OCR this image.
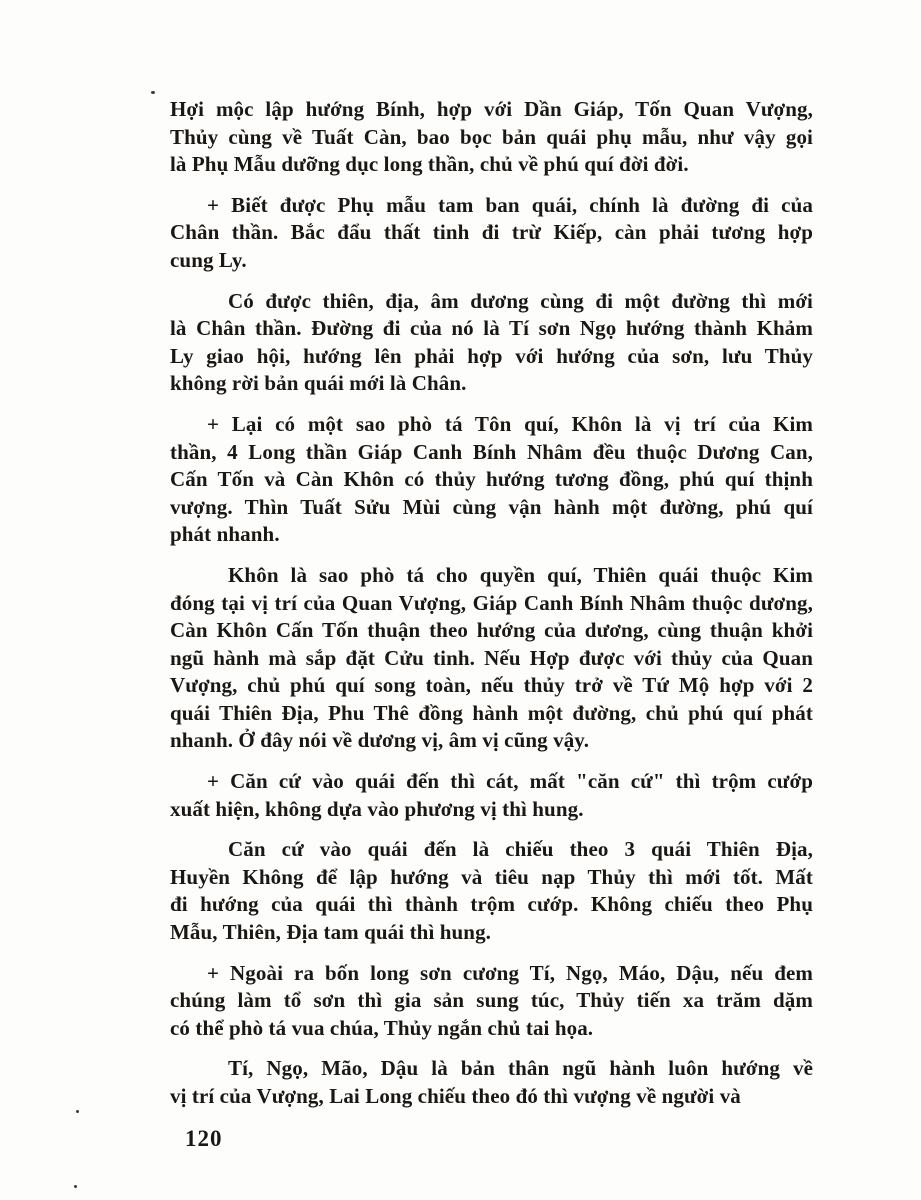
Hợi mộc lập hướng Bính, hợp với Dần Giáp, Tốn Quan Vượng,
Thủy cùng về Tuất Càn, bao bọc bản quái phụ mẫu, như vậy gọi
là Phụ Mẫu dưỡng dục long thần, chủ về phú quí đời đời.

+ Biết được Phụ mẫu tam ban quái, chính là đường đi của
Chân thần. Bắc đẩu thất tinh đi trừ Kiếp, càn phải tương hợp
cung Ly.

Có được thiên, địa, âm dương cùng đi một đường thì mới
là Chân thần. Đường đi của nó là Tí sơn Ngọ hướng thành Khảm
Ly giao hội, hướng lên phải hợp với hướng của sơn, lưu Thủy
không rời bản quái mới là Chân.

+ Lại có một sao phò tá Tôn quí, Khôn là vị trí của Kim
thần, 4 Long thần Giáp Canh Bính Nhâm đều thuộc Dương Can,
Cấn Tốn và Càn Khôn có thủy hướng tương đồng, phú quí thịnh
vượng. Thìn Tuất Sửu Mùi cùng vận hành một đường, phú quí
phát nhanh.

Khôn là sao phò tá cho quyền quí, Thiên quái thuộc Kim
đóng tại vị trí của Quan Vượng, Giáp Canh Bính Nhâm thuộc dương,
Càn Khôn Cấn Tốn thuận theo hướng của dương, cùng thuận khởi
ngũ hành mà sắp đặt Cửu tinh. Nếu Hợp được với thủy của Quan
Vượng, chủ phú quí song toàn, nếu thủy trở về Tứ Mộ hợp với 2
quái Thiên Địa, Phu Thê đồng hành một đường, chủ phú quí phát
nhanh. Ở đây nói về dương vị, âm vị cũng vậy.

+ Căn cứ vào quái đến thì cát, mất "căn cứ" thì trộm cướp
xuất hiện, không dựa vào phương vị thì hung.

Căn cứ vào quái đến là chiếu theo 3 quái Thiên Địa,
Huyền Không để lập hướng và tiêu nạp Thủy thì mới tốt. Mất
đi hướng của quái thì thành trộm cướp. Không chiếu theo Phụ
Mẫu, Thiên, Địa tam quái thì hung.

+ Ngoài ra bốn long sơn cương Tí, Ngọ, Máo, Dậu, nếu đem
chúng làm tổ sơn thì gia sản sung túc, Thủy tiến xa trăm dặm
có thể phò tá vua chúa, Thủy ngắn chủ tai họa.

Tí, Ngọ, Mão, Dậu là bản thân ngũ hành luôn hướng về
vị trí của Vượng, Lai Long chiếu theo đó thì vượng về người và

120
